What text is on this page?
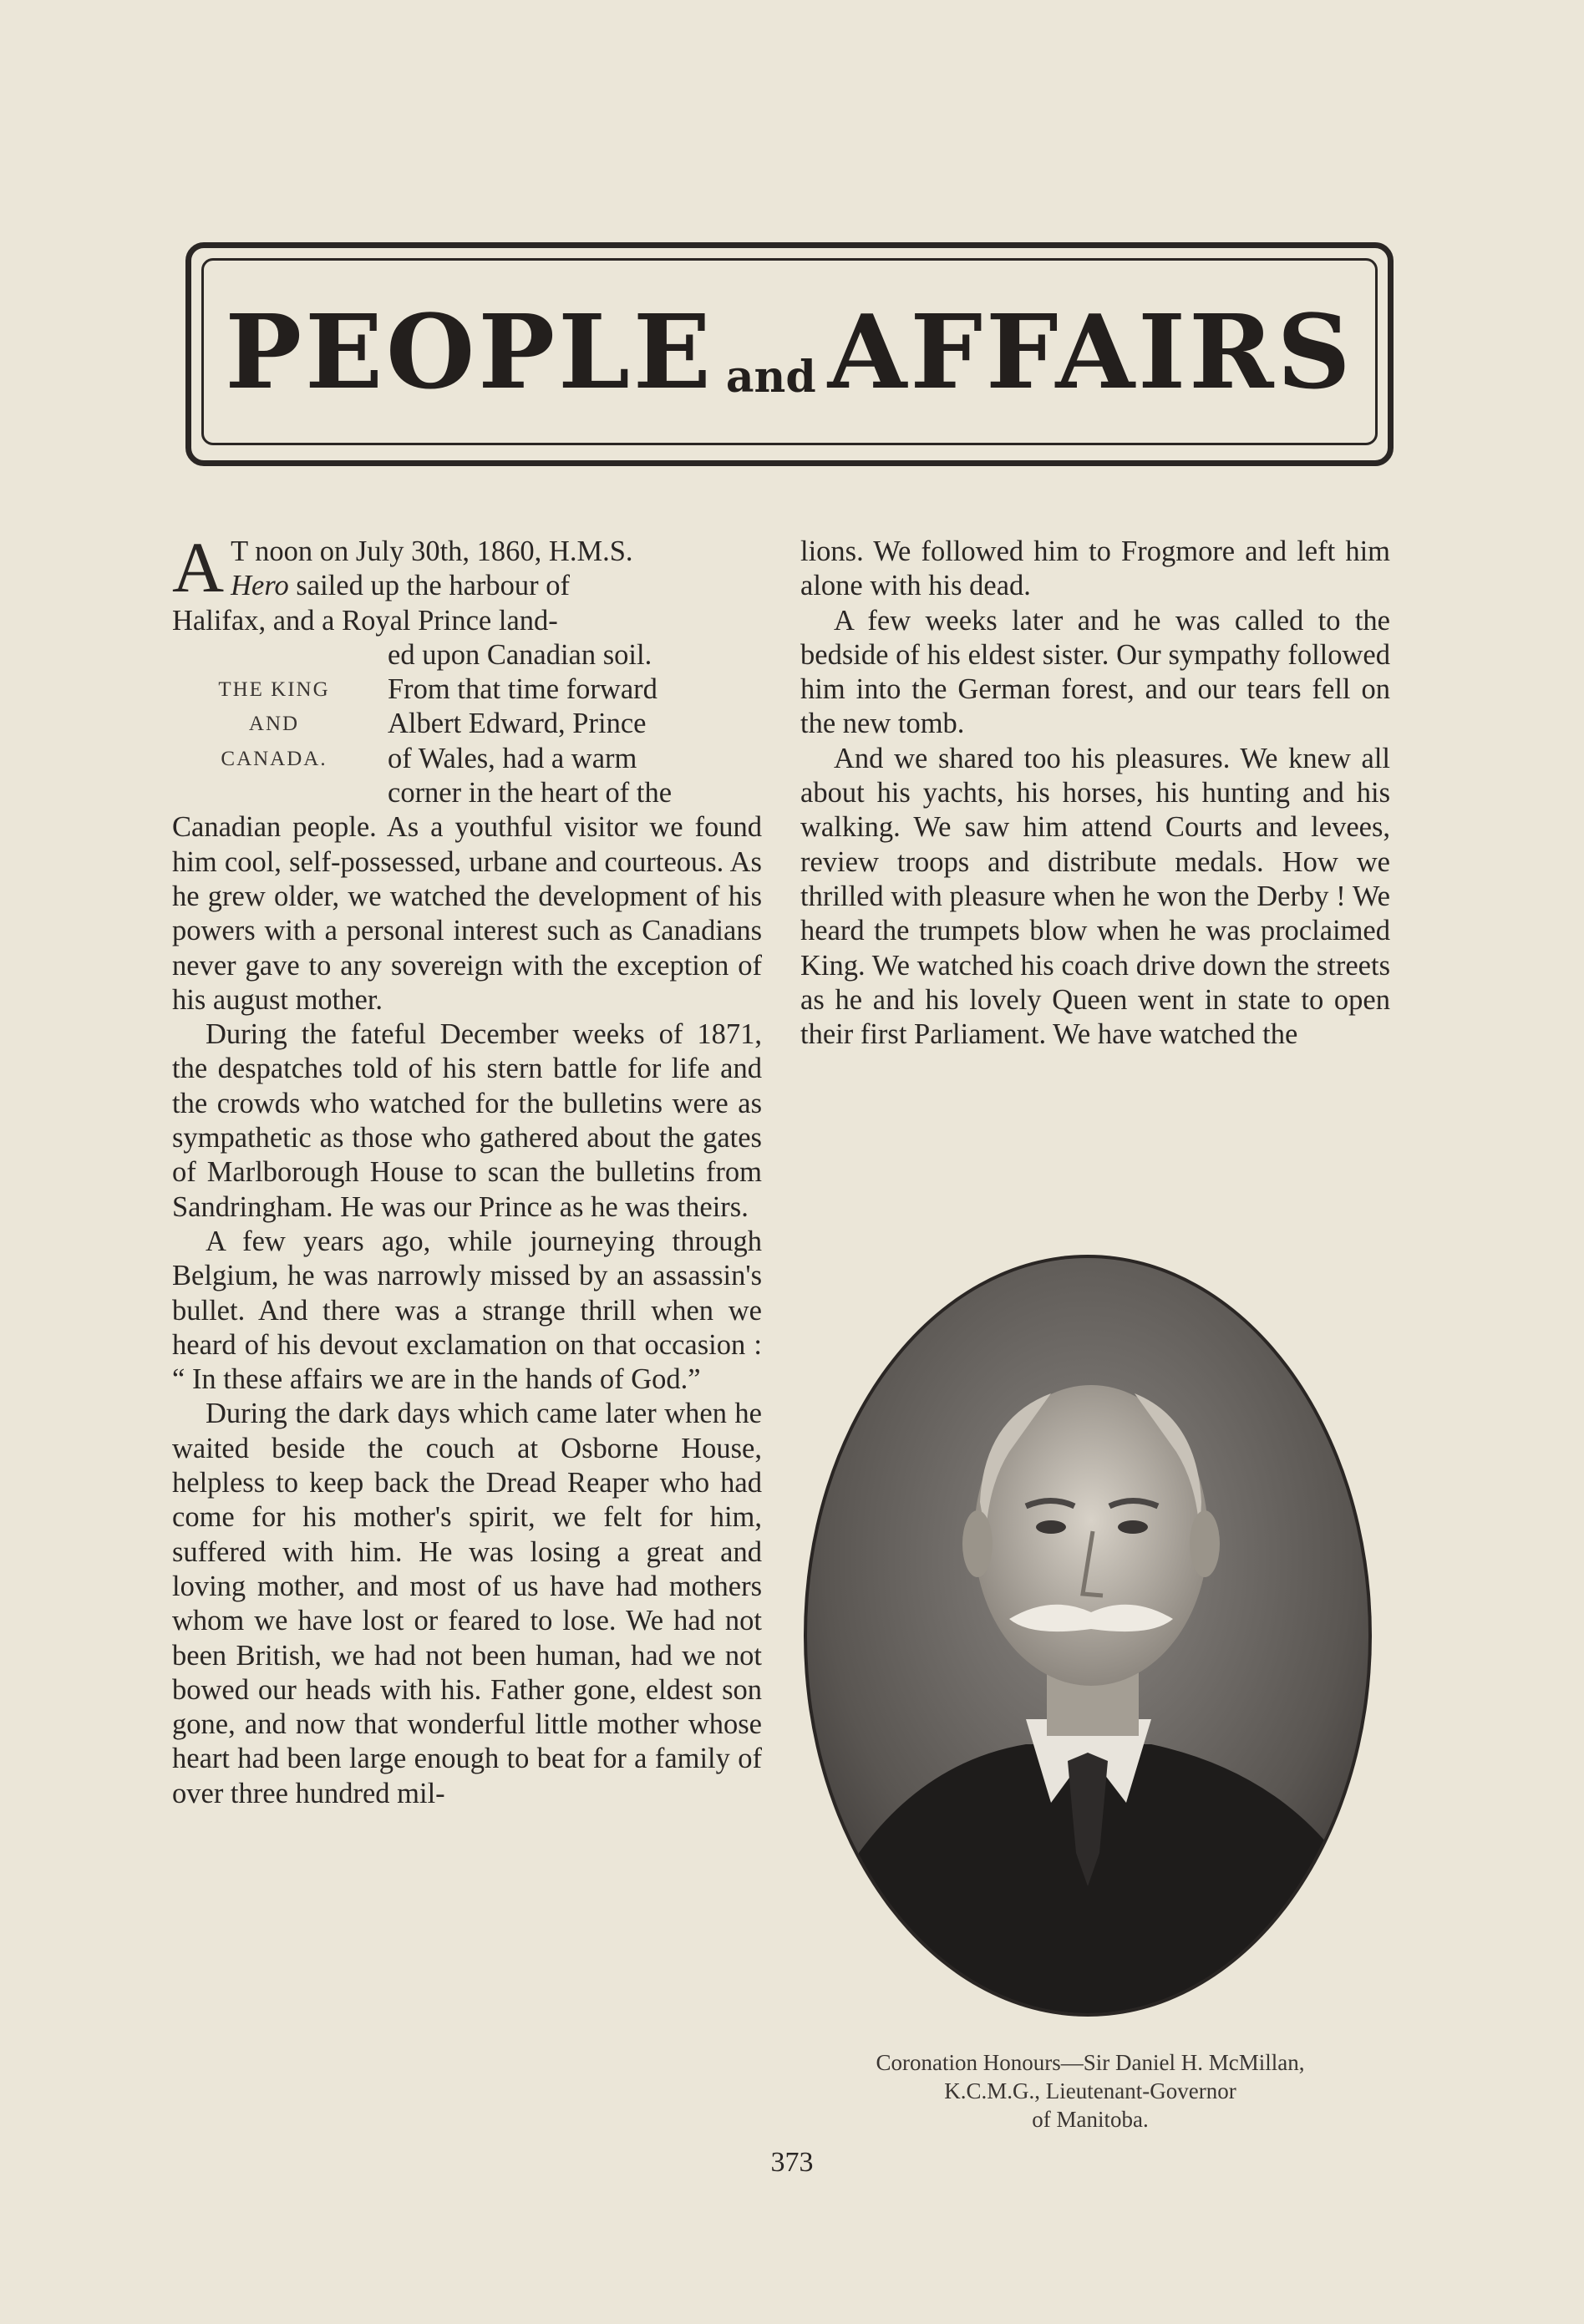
PEOPLE and AFFAIRS

A T noon on July 30th, 1860, H.M.S.
Hero sailed up the harbour of
Halifax, and a Royal Prince land-

ed upon Canadian soil.

THE KING
AND
CANADA.
From that time forward
Albert Edward, Prince
of Wales, had a warm

corner in the heart of the
Canadian people. As a youthful visitor we found him cool, self-possessed, urbane and courteous. As he grew older, we watched the development of his powers with a personal interest such as Canadians never gave to any sovereign with the exception of his august mother.

During the fateful December weeks of 1871, the despatches told of his stern battle for life and the crowds who watched for the bulletins were as sympathetic as those who gathered about the gates of Marlborough House to scan the bulletins from Sandringham. He was our Prince as he was theirs.

A few years ago, while journeying through Belgium, he was narrowly missed by an assassin's bullet. And there was a strange thrill when we heard of his devout exclamation on that occasion : “ In these affairs we are in the hands of God.”

During the dark days which came later when he waited beside the couch at Osborne House, helpless to keep back the Dread Reaper who had come for his mother's spirit, we felt for him, suffered with him. He was losing a great and loving mother, and most of us have had mothers whom we have lost or feared to lose. We had not been British, we had not been human, had we not bowed our heads with his. Father gone, eldest son gone, and now that wonderful little mother whose heart had been large enough to beat for a family of over three hundred mil-

lions. We followed him to Frogmore and left him alone with his dead.

A few weeks later and he was called to the bedside of his eldest sister. Our sympathy followed him into the German forest, and our tears fell on the new tomb.

And we shared too his pleasures. We knew all about his yachts, his horses, his hunting and his walking. We saw him attend Courts and levees, review troops and distribute medals. How we thrilled with pleasure when he won the Derby ! We heard the trumpets blow when he was proclaimed King. We watched his coach drive down the streets as he and his lovely Queen went in state to open their first Parliament. We have watched the

Coronation Honours—Sir Daniel H. McMillan,
K.C.M.G., Lieutenant-Governor
of Manitoba.
373
